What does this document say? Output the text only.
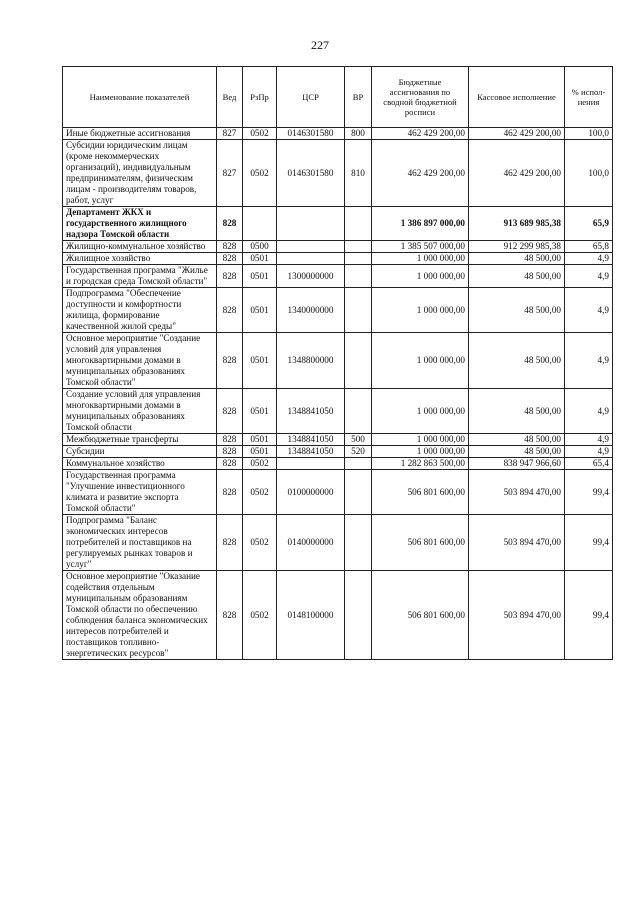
227
Наименование показателей	Вед	РзПр	ЦСР	ВР	Бюджетные ассигнования по сводной бюджетной росписи	Кассовое исполнение	% испол-нения
Иные бюджетные ассигнования	827	0502	0146301580	800	462 429 200,00	462 429 200,00	100,0
Субсидии юридическим лицам (кроме некоммерческих организаций), индивидуальным предпринимателям, физическим лицам - производителям товаров, работ, услуг	827	0502	0146301580	810	462 429 200,00	462 429 200,00	100,0
Департамент ЖКХ и государственного жилищного надзора Томской области	828				1 386 897 000,00	913 689 985,38	65,9
Жилищно-коммунальное хозяйство	828	0500			1 385 507 000,00	912 299 985,38	65,8
Жилищное хозяйство	828	0501			1 000 000,00	48 500,00	4,9
Государственная программа "Жилье и городская среда Томской области"	828	0501	1300000000		1 000 000,00	48 500,00	4,9
Подпрограмма "Обеспечение доступности и комфортности жилища, формирование качественной жилой среды"	828	0501	1340000000		1 000 000,00	48 500,00	4,9
Основное мероприятие "Создание условий для управления многоквартирными домами в муниципальных образованиях Томской области"	828	0501	1348800000		1 000 000,00	48 500,00	4,9
Создание условий для управления многоквартирными домами в муниципальных образованиях Томской области	828	0501	1348841050		1 000 000,00	48 500,00	4,9
Межбюджетные трансферты	828	0501	1348841050	500	1 000 000,00	48 500,00	4,9
Субсидии	828	0501	1348841050	520	1 000 000,00	48 500,00	4,9
Коммунальное хозяйство	828	0502			1 282 863 500,00	838 947 966,60	65,4
Государственная программа "Улучшение инвестиционного климата и развитие экспорта Томской области"	828	0502	0100000000		506 801 600,00	503 894 470,00	99,4
Подпрограмма "Баланс экономических интересов потребителей и поставщиков на регулируемых рынках товаров и услуг"	828	0502	0140000000		506 801 600,00	503 894 470,00	99,4
Основное мероприятие "Оказание содействия отдельным муниципальным образованиям Томской области по обеспечению соблюдения баланса экономических интересов потребителей и поставщиков топливно-энергетических ресурсов"	828	0502	0148100000		506 801 600,00	503 894 470,00	99,4
